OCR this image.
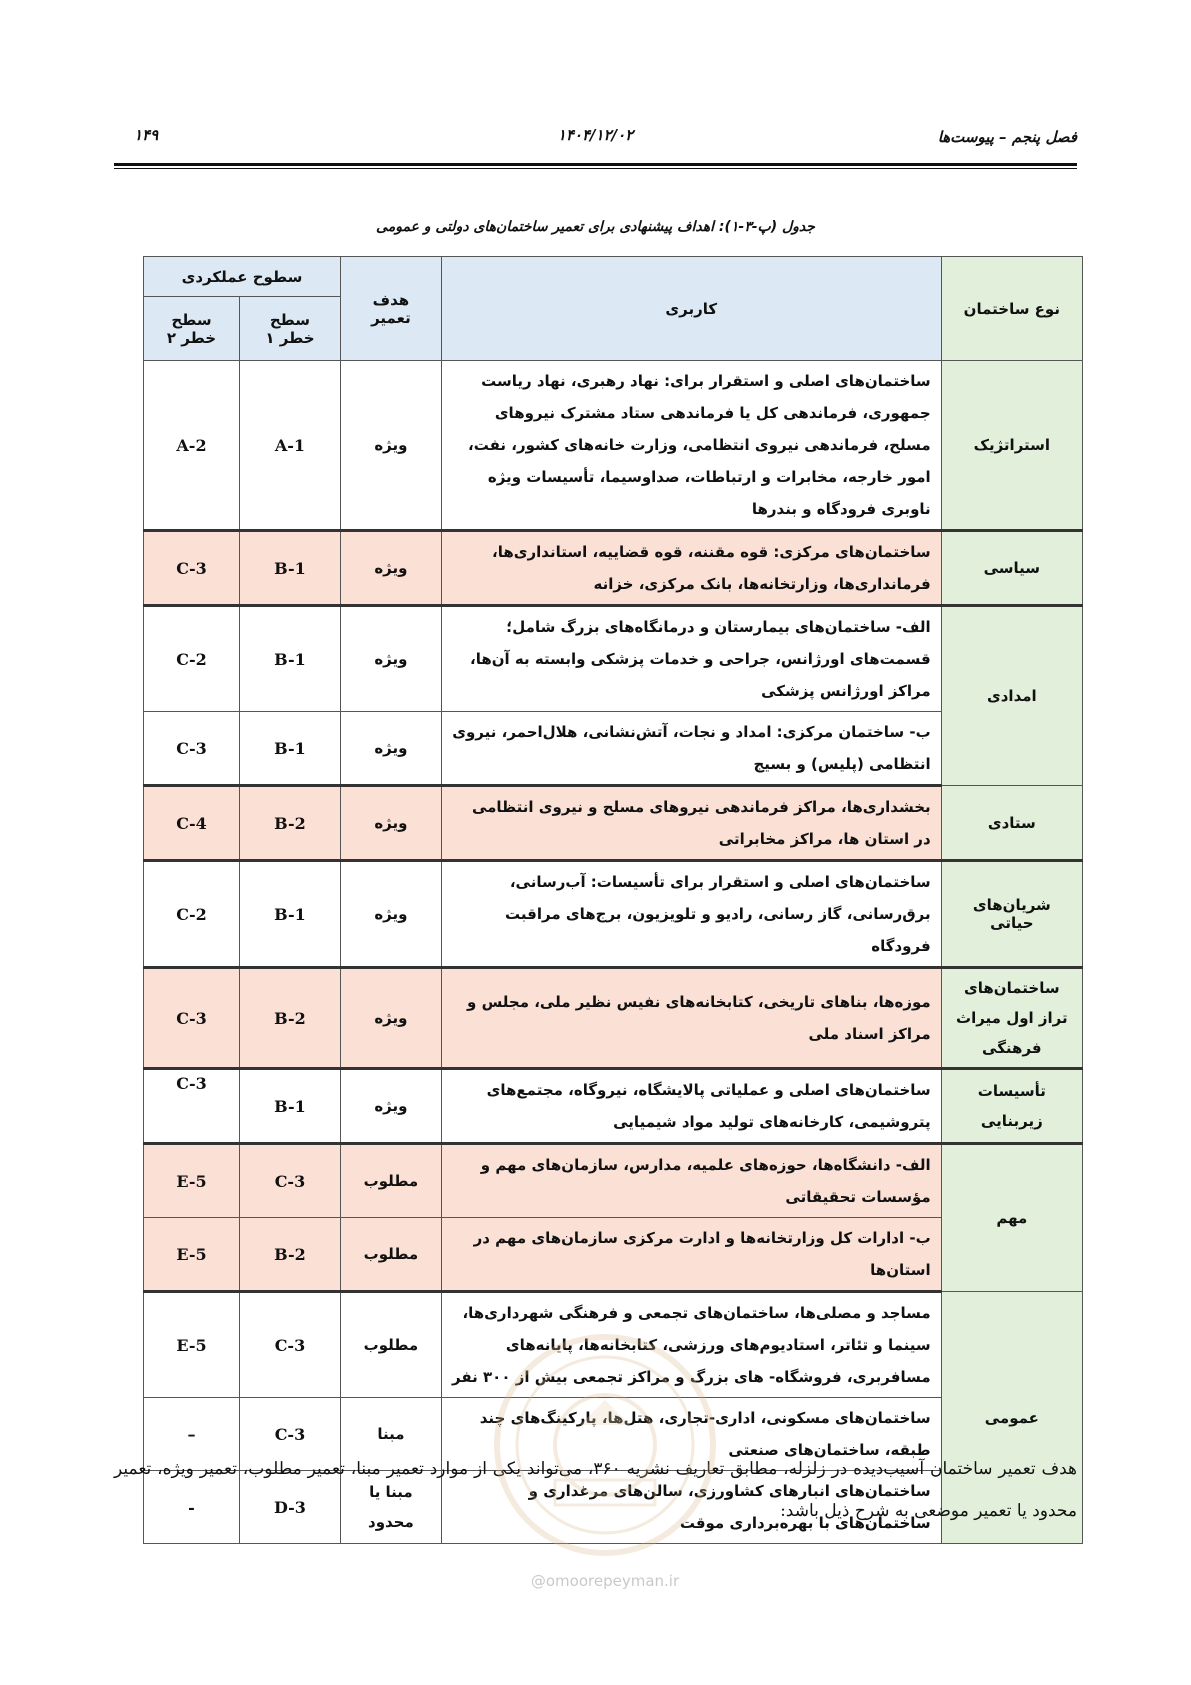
فصل پنجم – پیوست‌ها
۱۴۰۴/۱۲/۰۲
۱۴۹
جدول (پ-۳-۱): اهداف پیشنهادی برای تعمیر ساختمان‌های دولتی و عمومی
نوع ساختمان	کاربری	هدف تعمیر	سطوح عملکردی	
			سطح خطر ۱	سطح خطر ۲
استراتژیک	ساختمان‌های اصلی و استقرار برای: نهاد رهبری، نهاد ریاست جمهوری، فرماندهی کل یا فرماندهی ستاد مشترک نیروهای مسلح، فرماندهی نیروی انتظامی، وزارت خانه‌های کشور، نفت، امور خارجه، مخابرات و ارتباطات، صداوسیما، تأسیسات ویژه ناوبری فرودگاه و بندرها	ویژه	A-1	A-2
سیاسی	ساختمان‌های مرکزی: قوه مقننه، قوه قضاییه، استانداری‌ها، فرمانداری‌ها، وزارتخانه‌ها، بانک مرکزی، خزانه	ویژه	B-1	C-3
امدادی	الف- ساختمان‌های بیمارستان و درمانگاه‌های بزرگ شامل؛ قسمت‌های اورژانس، جراحی و خدمات پزشکی وابسته به آن‌ها، مراکز اورژانس پزشکی	ویژه	B-1	C-2
	ب- ساختمان مرکزی: امداد و نجات، آتش‌نشانی، هلال‌احمر، نیروی انتظامی (پلیس) و بسیج	ویژه	B-1	C-3
ستادی	بخشداری‌ها، مراکز فرماندهی نیروهای مسلح و نیروی انتظامی در استان ها، مراکز مخابراتی	ویژه	B-2	C-4
شریان‌های حیاتی	ساختمان‌های اصلی و استقرار برای تأسیسات: آب‌رسانی، برق‌رسانی، گاز رسانی، رادیو و تلویزیون، برج‌های مراقبت فرودگاه	ویژه	B-1	C-2
ساختمان‌های تراز اول میراث فرهنگی	موزه‌ها، بناهای تاریخی، کتابخانه‌های نفیس نظیر ملی، مجلس و مراکز اسناد ملی	ویژه	B-2	C-3
تأسیسات زیربنایی	ساختمان‌های اصلی و عملیاتی پالایشگاه، نیروگاه، مجتمع‌های پتروشیمی، کارخانه‌های تولید مواد شیمیایی	ویژه	B-1	C-3
مهم	الف- دانشگاه‌ها، حوزه‌های علمیه، مدارس، سازمان‌های مهم و مؤسسات تحقیقاتی	مطلوب	C-3	E-5
	ب- ادارات کل وزارتخانه‌ها و ادارت مرکزی سازمان‌های مهم در استان‌ها	مطلوب	B-2	E-5
عمومی	مساجد و مصلی‌ها، ساختمان‌های تجمعی و فرهنگی شهرداری‌ها، سینما و تئاتر، استادیوم‌های ورزشی، کتابخانه‌ها، پایانه‌های مسافربری، فروشگاه- های بزرگ و مراکز تجمعی بیش از ۳۰۰ نفر	مطلوب	C-3	E-5
	ساختمان‌های مسکونی، اداری-تجاری، هتل‌ها، پارکینگ‌های چند طبقه، ساختمان‌های صنعتی	مبنا	C-3	–
	ساختمان‌های انبارهای کشاورزی، سالن‌های مرغداری و ساختمان‌های با بهره‌برداری موقت	مبنا یا محدود	D-3	-
هدف تعمیر ساختمان آسیب‌دیده در زلزله، مطابق تعاریف نشریه ۳۶۰، می‌تواند یکی از موارد تعمیر مبنا، تعمیر مطلوب، تعمیر ویژه، تعمیر محدود یا تعمیر موضعی به شرح ذیل باشد:
@omoorepeyman.ir
